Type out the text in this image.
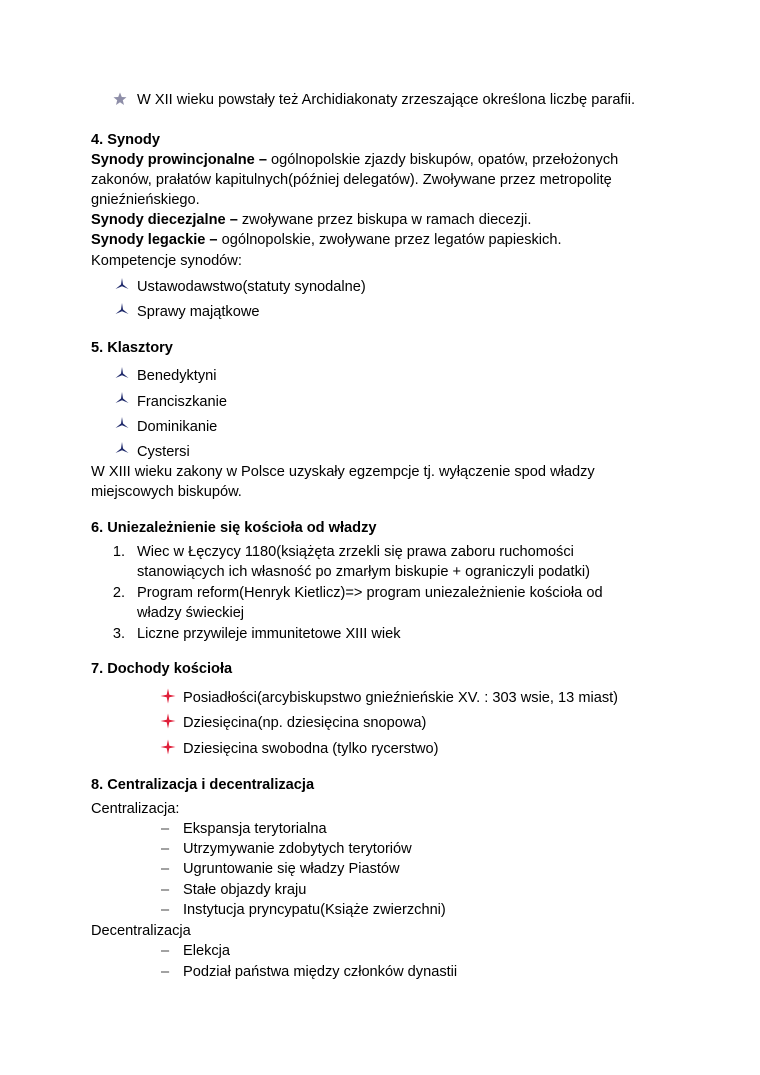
W XII wieku powstały też Archidiakonaty zrzeszające określona liczbę parafii.
4. Synody
Synody prowincjonalne – ogólnopolskie zjazdy biskupów, opatów, przełożonych
zakonów, prałatów kapitulnych(później delegatów). Zwoływane przez metropolitę
gnieźnieńskiego.
Synody diecezjalne – zwoływane przez biskupa w ramach diecezji.
Synody legackie – ogólnopolskie, zwoływane przez legatów papieskich.
Kompetencje synodów:
Ustawodawstwo(statuty synodalne)
Sprawy majątkowe
5. Klasztory
Benedyktyni
Franciszkanie
Dominikanie
Cystersi
W XIII wieku zakony w Polsce uzyskały egzempcje tj. wyłączenie spod władzy
miejscowych biskupów.
6. Uniezależnienie się kościoła od władzy
1. Wiec w Łęczycy 1180(książęta zrzekli się prawa zaboru ruchomości
stanowiących ich własność po zmarłym biskupie + ograniczyli podatki)
2. Program reform(Henryk Kietlicz)=> program uniezależnienie kościoła od
władzy świeckiej
3. Liczne przywileje immunitetowe XIII wiek
7. Dochody kościoła
Posiadłości(arcybiskupstwo gnieźnieńskie XV. : 303 wsie, 13 miast)
Dziesięcina(np. dziesięcina snopowa)
Dziesięcina swobodna (tylko rycerstwo)
8. Centralizacja i decentralizacja
Centralizacja:
– Ekspansja terytorialna
– Utrzymywanie zdobytych terytoriów
– Ugruntowanie się władzy Piastów
– Stałe objazdy kraju
– Instytucja pryncypatu(Książe zwierzchni)
Decentralizacja
– Elekcja
– Podział państwa między członków dynastii
